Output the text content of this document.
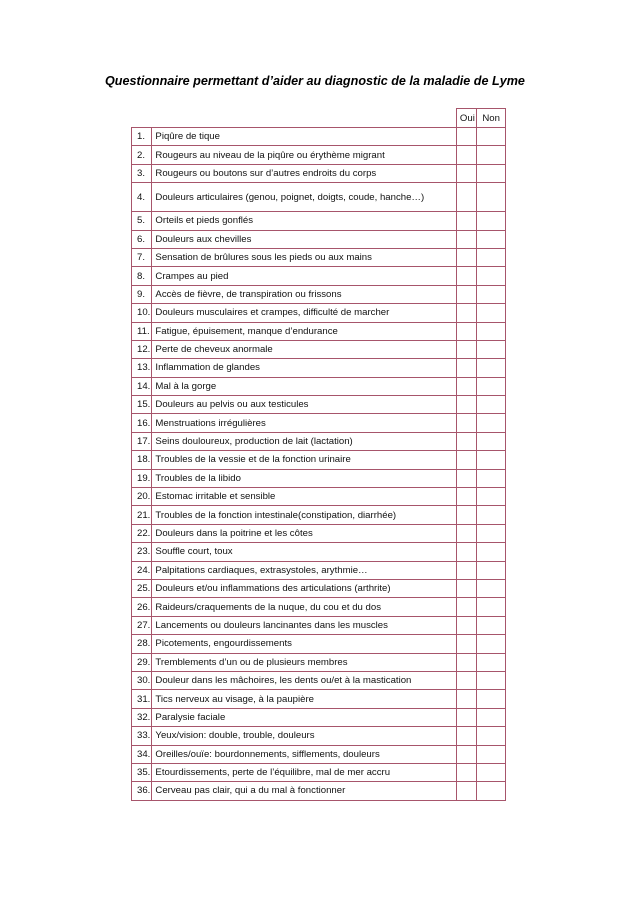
Questionnaire permettant d’aider au diagnostic de la maladie de Lyme
		Oui	Non
1.	Piqûre de tique		
2.	Rougeurs au niveau de la piqûre ou érythème migrant		
3.	Rougeurs ou boutons sur d’autres endroits du corps		
4.	Douleurs articulaires (genou, poignet, doigts, coude, hanche…)		
5.	Orteils et pieds gonflés		
6.	Douleurs aux chevilles		
7.	Sensation de brûlures sous les pieds ou aux mains		
8.	Crampes au pied		
9.	Accès de fièvre, de transpiration ou frissons		
10.	Douleurs musculaires et crampes, difficulté de marcher		
11.	Fatigue, épuisement, manque d’endurance		
12.	Perte de cheveux anormale		
13.	Inflammation de glandes		
14.	Mal à la gorge		
15.	Douleurs au pelvis ou aux testicules		
16.	Menstruations irrégulières		
17.	Seins douloureux, production de lait (lactation)		
18.	Troubles de la vessie et de la fonction urinaire		
19.	Troubles de la libido		
20.	Estomac irritable et sensible		
21.	Troubles de la fonction intestinale(constipation, diarrhée)		
22.	Douleurs dans la poitrine et les côtes		
23.	Souffle court, toux		
24.	Palpitations cardiaques, extrasystoles, arythmie…		
25.	Douleurs et/ou inflammations des articulations (arthrite)		
26.	Raideurs/craquements de la nuque, du cou et du dos		
27.	Lancements ou douleurs lancinantes dans les muscles		
28.	Picotements, engourdissements		
29.	Tremblements d’un ou de plusieurs membres		
30.	Douleur dans les mâchoires, les dents ou/et à la mastication		
31.	Tics nerveux au visage, à la paupière		
32.	Paralysie faciale		
33.	Yeux/vision: double, trouble, douleurs		
34.	Oreilles/ouïe: bourdonnements, sifflements, douleurs		
35.	Etourdissements, perte de l’équilibre, mal de mer accru		
36.	Cerveau pas clair, qui a du mal à fonctionner		
